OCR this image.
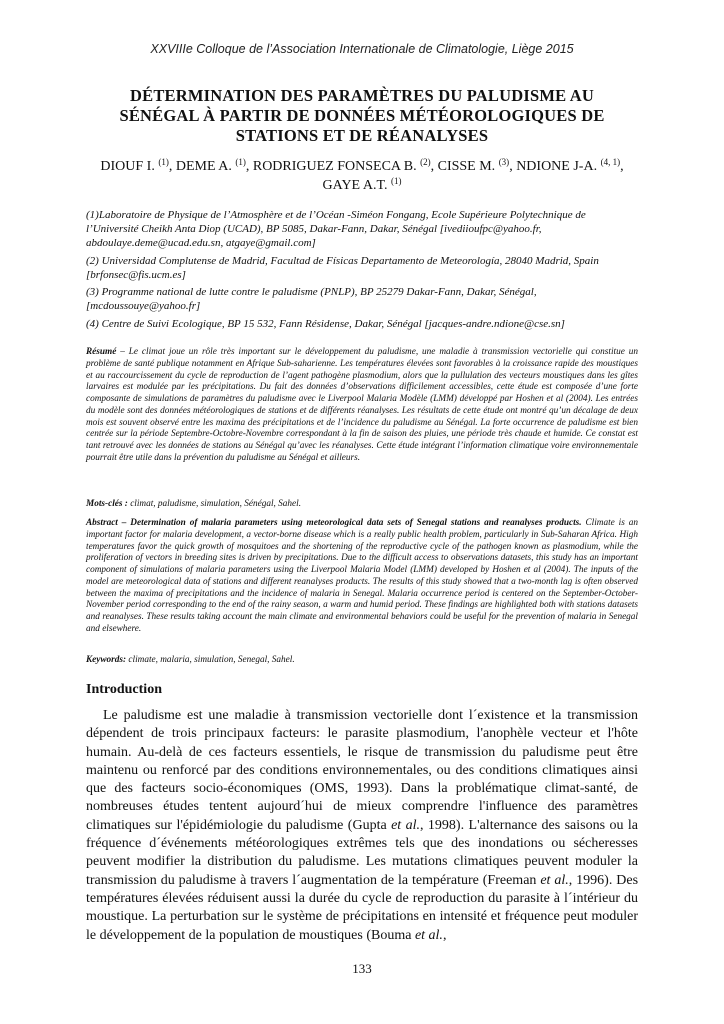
XXVIIIe Colloque de l’Association Internationale de Climatologie, Liège 2015
DÉTERMINATION DES PARAMÈTRES DU PALUDISME AU
SÉNÉGAL À PARTIR DE DONNÉES MÉTÉOROLOGIQUES DE
STATIONS ET DE RÉANALYSES
DIOUF I. $^{(1)}$, DEME A. $^{(1)}$, RODRIGUEZ FONSECA B. $^{(2)}$, CISSE M. $^{(3)}$, NDIONE J-A. $^{(4, 1)}$,
GAYE A.T. $^{(1)}$
(1)Laboratoire de Physique de l’Atmosphère et de l’Océan -Siméon Fongang, Ecole Supérieure Polytechnique de l’Université Cheikh Anta Diop (UCAD), BP 5085, Dakar-Fann, Dakar, Sénégal [ivediioufpc@yahoo.fr, abdoulaye.deme@ucad.edu.sn, atgaye@gmail.com]
(2) Universidad Complutense de Madrid, Facultad de Físicas Departamento de Meteorología, 28040 Madrid, Spain [brfonsec@fis.ucm.es]
(3) Programme national de lutte contre le paludisme (PNLP), BP 25279 Dakar-Fann, Dakar, Sénégal, [mcdoussouye@yahoo.fr]
(4) Centre de Suivi Ecologique, BP 15 532, Fann Résidense, Dakar, Sénégal [jacques-andre.ndione@cse.sn]
Résumé – Le climat joue un rôle très important sur le développement du paludisme, une maladie à transmission vectorielle qui constitue un problème de santé publique notamment en Afrique Sub-saharienne. Les températures élevées sont favorables à la croissance rapide des moustiques et au raccourcissement du cycle de reproduction de l’agent pathogène plasmodium, alors que la pullulation des vecteurs moustiques dans les gîtes larvaires est modulée par les précipitations. Du fait des données d’observations difficilement accessibles, cette étude est composée d’une forte composante de simulations de paramètres du paludisme avec le Liverpool Malaria Modèle (LMM) développé par Hoshen et al (2004). Les entrées du modèle sont des données météorologiques de stations et de différents réanalyses. Les résultats de cette étude ont montré qu’un décalage de deux mois est souvent observé entre les maxima des précipitations et de l’incidence du paludisme au Sénégal. La forte occurrence de paludisme est bien centrée sur la période Septembre-Octobre-Novembre correspondant à la fin de saison des pluies, une période très chaude et humide. Ce constat est tant retrouvé avec les données de stations au Sénégal qu’avec les réanalyses. Cette étude intégrant l’information climatique voire environnementale pourrait être utile dans la prévention du paludisme au Sénégal et ailleurs.
Mots-clés : climat, paludisme, simulation, Sénégal, Sahel.
Abstract – Determination of malaria parameters using meteorological data sets of Senegal stations and reanalyses products. Climate is an important factor for malaria development, a vector-borne disease which is a really public health problem, particularly in Sub-Saharan Africa. High temperatures favor the quick growth of mosquitoes and the shortening of the reproductive cycle of the pathogen known as plasmodium, while the proliferation of vectors in breeding sites is driven by precipitations. Due to the difficult access to observations datasets, this study has an important component of simulations of malaria parameters using the Liverpool Malaria Model (LMM) developed by Hoshen et al (2004). The inputs of the model are meteorological data of stations and different reanalyses products. The results of this study showed that a two-month lag is often observed between the maxima of precipitations and the incidence of malaria in Senegal. Malaria occurrence period is centered on the September-October-November period corresponding to the end of the rainy season, a warm and humid period. These findings are highlighted both with stations datasets and reanalyses. These results taking account the main climate and environmental behaviors could be useful for the prevention of malaria in Senegal and elsewhere.
Keywords: climate, malaria, simulation, Senegal, Sahel.
Introduction

Le paludisme est une maladie à transmission vectorielle dont l´existence et la transmission dépendent de trois principaux facteurs: le parasite plasmodium, l'anophèle vecteur et l'hôte humain. Au-delà de ces facteurs essentiels, le risque de transmission du paludisme peut être maintenu ou renforcé par des conditions environnementales, ou des conditions climatiques ainsi que des facteurs socio-économiques (OMS, 1993). Dans la problématique climat-santé, de nombreuses études tentent aujourd´hui de mieux comprendre l'influence des paramètres climatiques sur l'épidémiologie du paludisme (Gupta et al., 1998). L'alternance des saisons ou la fréquence d´événements météorologiques extrêmes tels que des inondations ou sécheresses peuvent modifier la distribution du paludisme. Les mutations climatiques peuvent moduler la transmission du paludisme à travers l´augmentation de la température (Freeman et al., 1996). Des températures élevées réduisent aussi la durée du cycle de reproduction du parasite à l´intérieur du moustique. La perturbation sur le système de précipitations en intensité et fréquence peut moduler le développement de la population de moustiques (Bouma et al.,

133
